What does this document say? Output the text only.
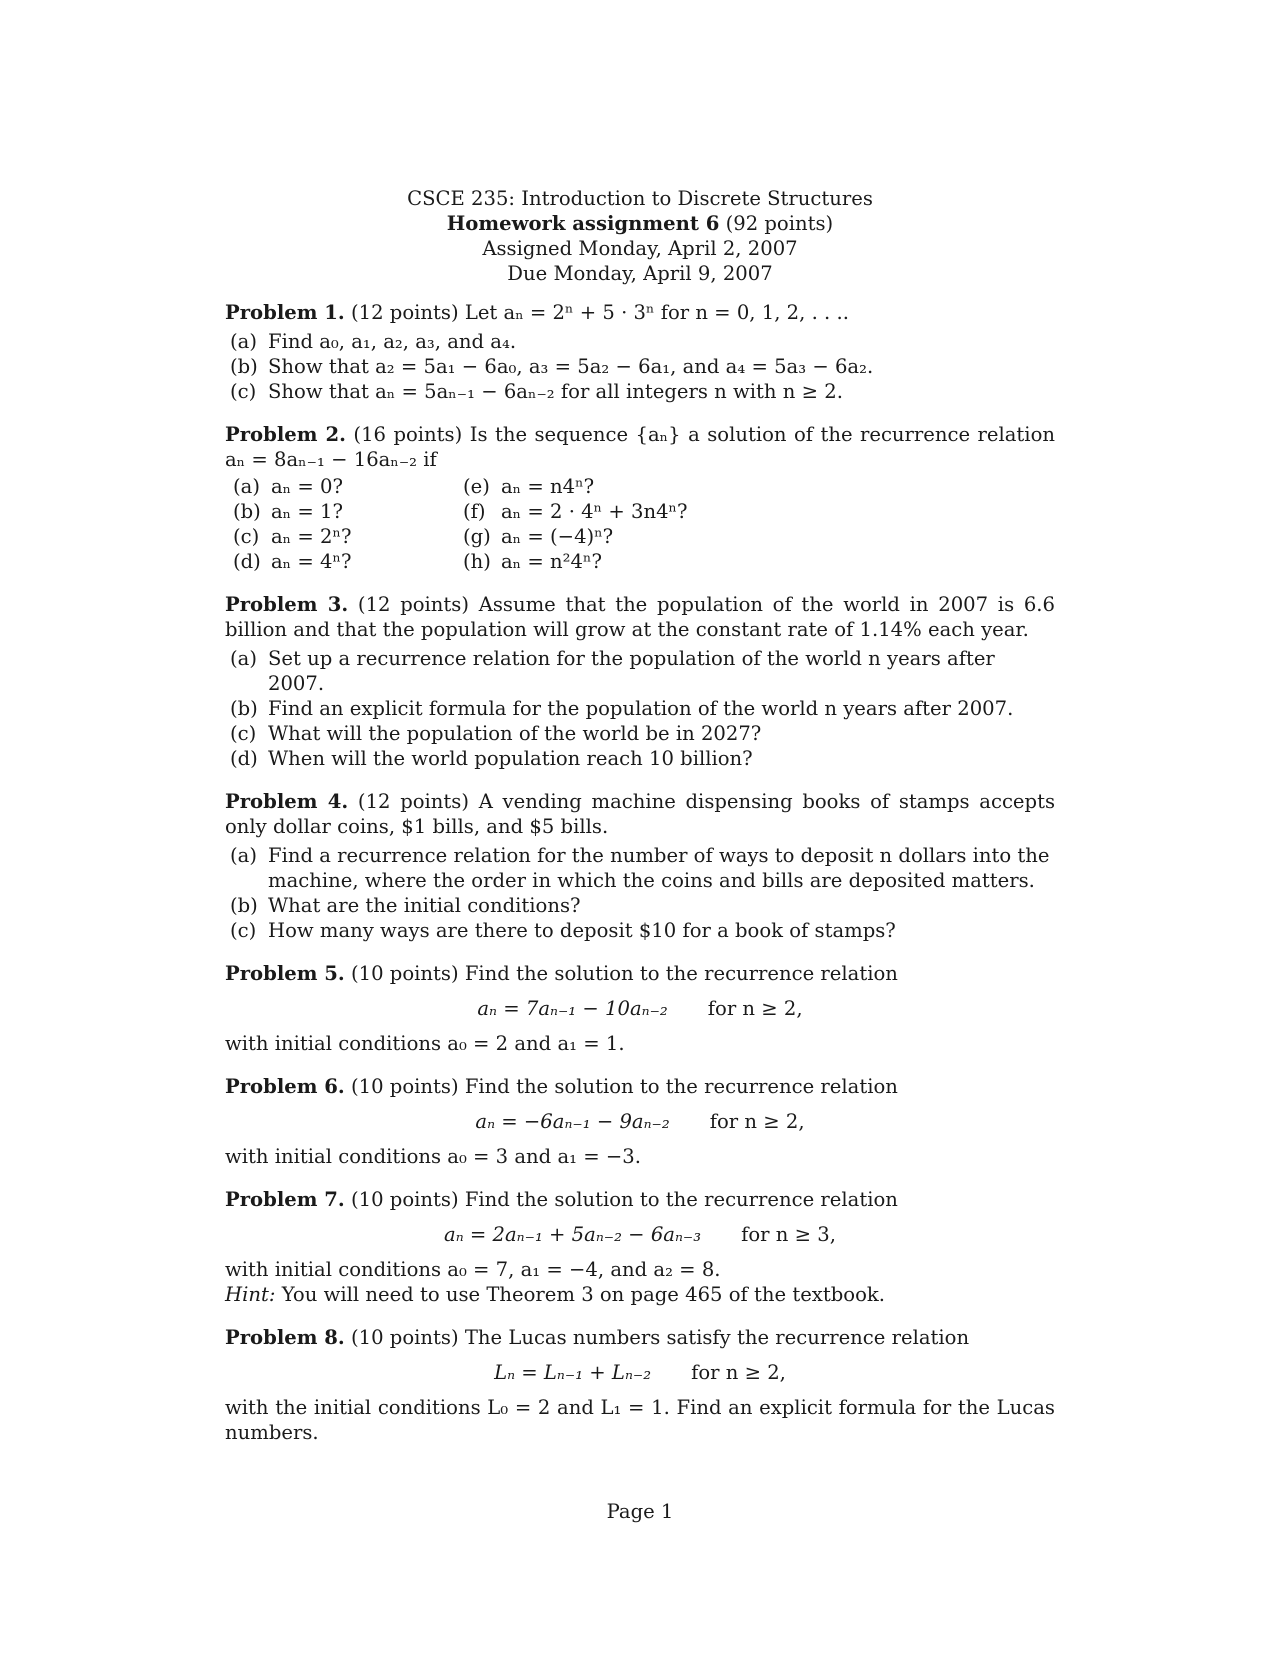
CSCE 235: Introduction to Discrete Structures
Homework assignment 6 (92 points)
Assigned Monday, April 2, 2007
Due Monday, April 9, 2007
Problem 1. (12 points) Let aₙ = 2ⁿ + 5 · 3ⁿ for n = 0, 1, 2, . . ..
(a) Find a₀, a₁, a₂, a₃, and a₄.
(b) Show that a₂ = 5a₁ − 6a₀, a₃ = 5a₂ − 6a₁, and a₄ = 5a₃ − 6a₂.
(c) Show that aₙ = 5aₙ₋₁ − 6aₙ₋₂ for all integers n with n ≥ 2.
Problem 2. (16 points) Is the sequence {aₙ} a solution of the recurrence relation aₙ = 8aₙ₋₁ − 16aₙ₋₂ if
(a) aₙ = 0?	(e) aₙ = n4ⁿ?
(b) aₙ = 1?	(f) aₙ = 2 · 4ⁿ + 3n4ⁿ?
(c) aₙ = 2ⁿ?	(g) aₙ = (−4)ⁿ?
(d) aₙ = 4ⁿ?	(h) aₙ = n²4ⁿ?
Problem 3. (12 points) Assume that the population of the world in 2007 is 6.6 billion and that the population will grow at the constant rate of 1.14% each year.
(a) Set up a recurrence relation for the population of the world n years after 2007.
(b) Find an explicit formula for the population of the world n years after 2007.
(c) What will the population of the world be in 2027?
(d) When will the world population reach 10 billion?
Problem 4. (12 points) A vending machine dispensing books of stamps accepts only dollar coins, $1 bills, and $5 bills.
(a) Find a recurrence relation for the number of ways to deposit n dollars into the machine, where the order in which the coins and bills are deposited matters.
(b) What are the initial conditions?
(c) How many ways are there to deposit $10 for a book of stamps?
Problem 5. (10 points) Find the solution to the recurrence relation
aₙ = 7aₙ₋₁ − 10aₙ₋₂ for n ≥ 2,
with initial conditions a₀ = 2 and a₁ = 1.
Problem 6. (10 points) Find the solution to the recurrence relation
aₙ = −6aₙ₋₁ − 9aₙ₋₂ for n ≥ 2,
with initial conditions a₀ = 3 and a₁ = −3.
Problem 7. (10 points) Find the solution to the recurrence relation
aₙ = 2aₙ₋₁ + 5aₙ₋₂ − 6aₙ₋₃ for n ≥ 3,
with initial conditions a₀ = 7, a₁ = −4, and a₂ = 8.
Hint: You will need to use Theorem 3 on page 465 of the textbook.
Problem 8. (10 points) The Lucas numbers satisfy the recurrence relation
Lₙ = Lₙ₋₁ + Lₙ₋₂ for n ≥ 2,
with the initial conditions L₀ = 2 and L₁ = 1. Find an explicit formula for the Lucas numbers.
Page 1
